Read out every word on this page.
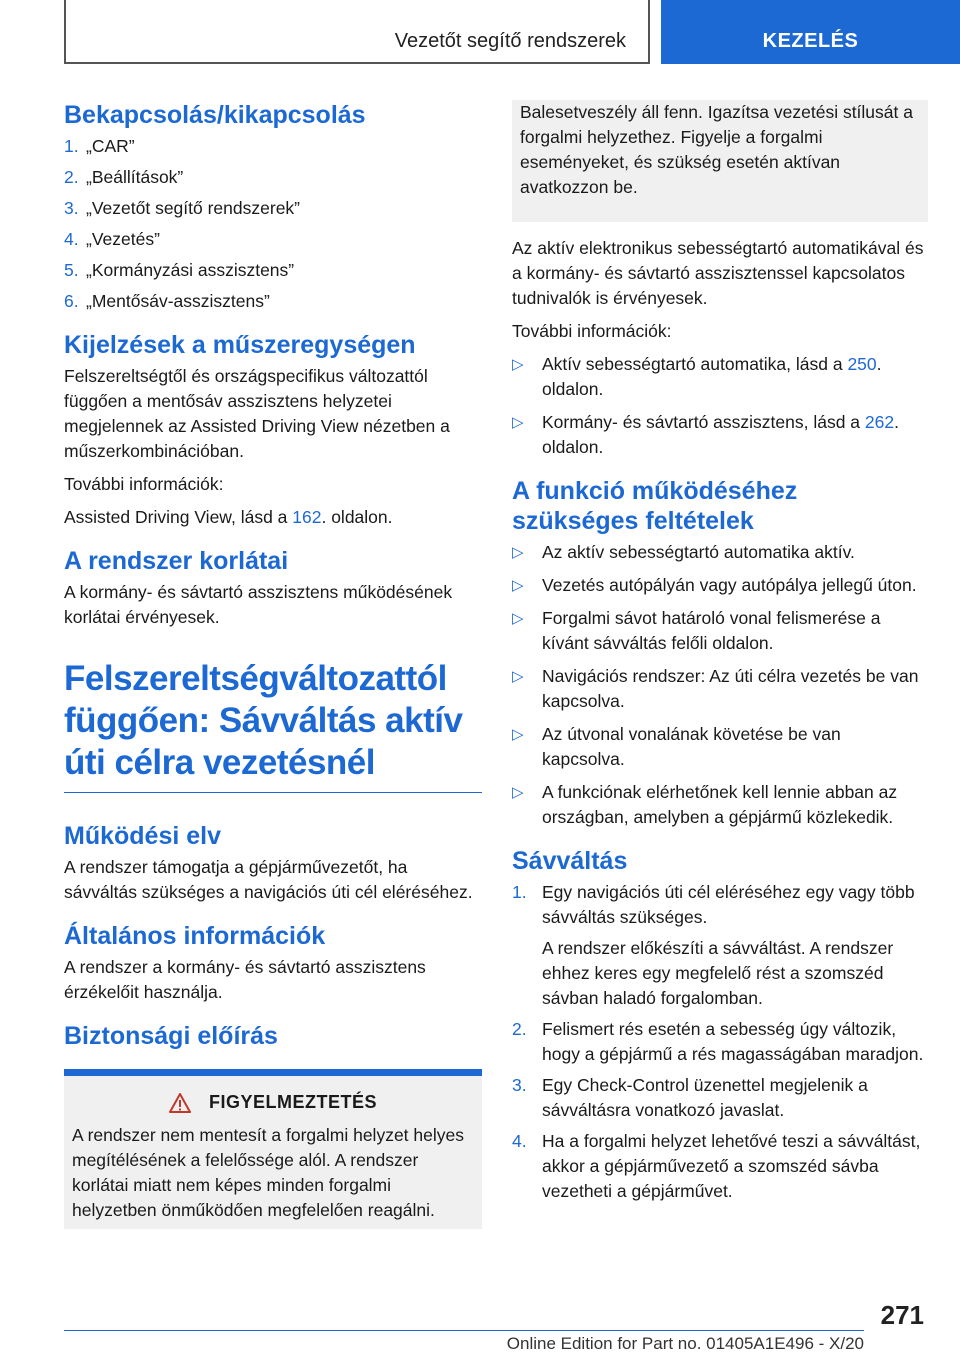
Vezetőt segítő rendszerek	KEZELÉS
Bekapcsolás/kikapcsolás
1. „CAR”
2. „Beállítások”
3. „Vezetőt segítő rendszerek”
4. „Vezetés”
5. „Kormányzási asszisztens”
6. „Mentősáv-asszisztens”
Kijelzések a műszeregységen

Felszereltségtől és országspecifikus változattól függően a mentősáv asszisztens helyzetei megjelennek az Assisted Driving View nézetben a műszerkombinációban.

További információk:

Assisted Driving View, lásd a 162. oldalon.

A rendszer korlátai

A kormány- és sávtartó asszisztens működésének korlátai érvényesek.

Felszereltségváltozattól függően: Sávváltás aktív úti célra vezetésnél
Működési elv

A rendszer támogatja a gépjárművezetőt, ha sávváltás szükséges a navigációs úti cél eléréséhez.

Általános információk

A rendszer a kormány- és sávtartó asszisztens érzékelőit használja.

Biztonsági előírás
FIGYELMEZTETÉS

A rendszer nem mentesít a forgalmi helyzet helyes megítélésének a felelőssége alól. A rendszer korlátai miatt nem képes minden forgalmi helyzetben önműködően megfelelően reagálni.

Balesetveszély áll fenn. Igazítsa vezetési stílusát a forgalmi helyzethez. Figyelje a forgalmi eseményeket, és szükség esetén aktívan avatkozzon be.

Az aktív elektronikus sebességtartó automatikával és a kormány- és sávtartó asszisztenssel kapcsolatos tudnivalók is érvényesek.

További információk:

▷ Aktív sebességtartó automatika, lásd a 250. oldalon.
▷ Kormány- és sávtartó asszisztens, lásd a 262. oldalon.
A funkció működéséhez szükséges feltételek
▷ Az aktív sebességtartó automatika aktív.
▷ Vezetés autópályán vagy autópálya jellegű úton.
▷ Forgalmi sávot határoló vonal felismerése a kívánt sávváltás felőli oldalon.
▷ Navigációs rendszer: Az úti célra vezetés be van kapcsolva.
▷ Az útvonal vonalának követése be van kapcsolva.
▷ A funkciónak elérhetőnek kell lennie abban az országban, amelyben a gépjármű közlekedik.
Sávváltás
1. Egy navigációs úti cél eléréséhez egy vagy több sávváltás szükséges.

A rendszer előkészíti a sávváltást. A rendszer ehhez keres egy megfelelő rést a szomszéd sávban haladó forgalomban.

2. Felismert rés esetén a sebesség úgy változik, hogy a gépjármű a rés magasságában maradjon.
3. Egy Check-Control üzenettel megjelenik a sávváltásra vonatkozó javaslat.
4. Ha a forgalmi helyzet lehetővé teszi a sávváltást, akkor a gépjárművezető a szomszéd sávba vezetheti a gépjárművet.
271
Online Edition for Part no. 01405A1E496 - X/20
